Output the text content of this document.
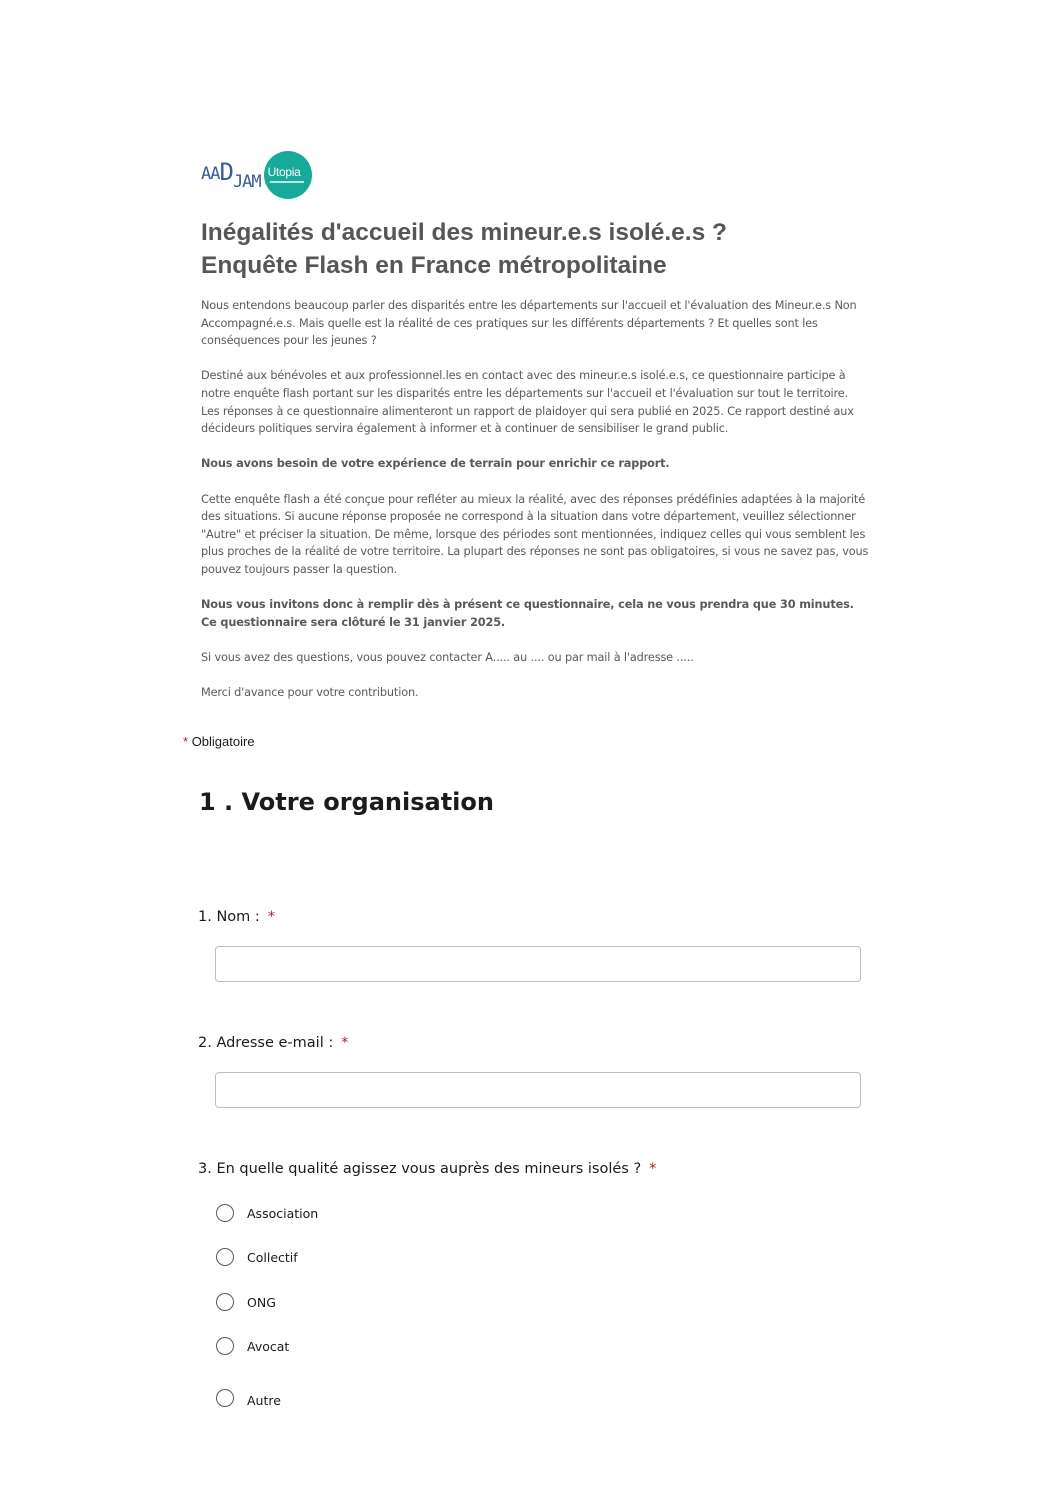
AA D JAM Utopia
Inégalités d'accueil des mineur.e.s isolé.e.s ?
Enquête Flash en France métropolitaine

Nous entendons beaucoup parler des disparités entre les départements sur l'accueil et l'évaluation des Mineur.e.s Non Accompagné.e.s. Mais quelle est la réalité de ces pratiques sur les différents départements ? Et quelles sont les conséquences pour les jeunes ?

Destiné aux bénévoles et aux professionnel.les en contact avec des mineur.e.s isolé.e.s, ce questionnaire participe à notre enquête flash portant sur les disparités entre les départements sur l'accueil et l'évaluation sur tout le territoire.
Les réponses à ce questionnaire alimenteront un rapport de plaidoyer qui sera publié en 2025. Ce rapport destiné aux décideurs politiques servira également à informer et à continuer de sensibiliser le grand public.

Nous avons besoin de votre expérience de terrain pour enrichir ce rapport.

Cette enquête flash a été conçue pour refléter au mieux la réalité, avec des réponses prédéfinies adaptées à la majorité des situations. Si aucune réponse proposée ne correspond à la situation dans votre département, veuillez sélectionner "Autre" et préciser la situation. De même, lorsque des périodes sont mentionnées, indiquez celles qui vous semblent les plus proches de la réalité de votre territoire. La plupart des réponses ne sont pas obligatoires, si vous ne savez pas, vous pouvez toujours passer la question.

Nous vous invitons donc à remplir dès à présent ce questionnaire, cela ne vous prendra que 30 minutes.
Ce questionnaire sera clôturé le 31 janvier 2025.

Si vous avez des questions, vous pouvez contacter A..... au .... ou par mail à l'adresse .....

Merci d'avance pour votre contribution.

* Obligatoire
1 . Votre organisation
1. Nom : *
2. Adresse e-mail : *
3. En quelle qualité agissez vous auprès des mineurs isolés ? *
Association
Collectif
ONG
Avocat
Autre
